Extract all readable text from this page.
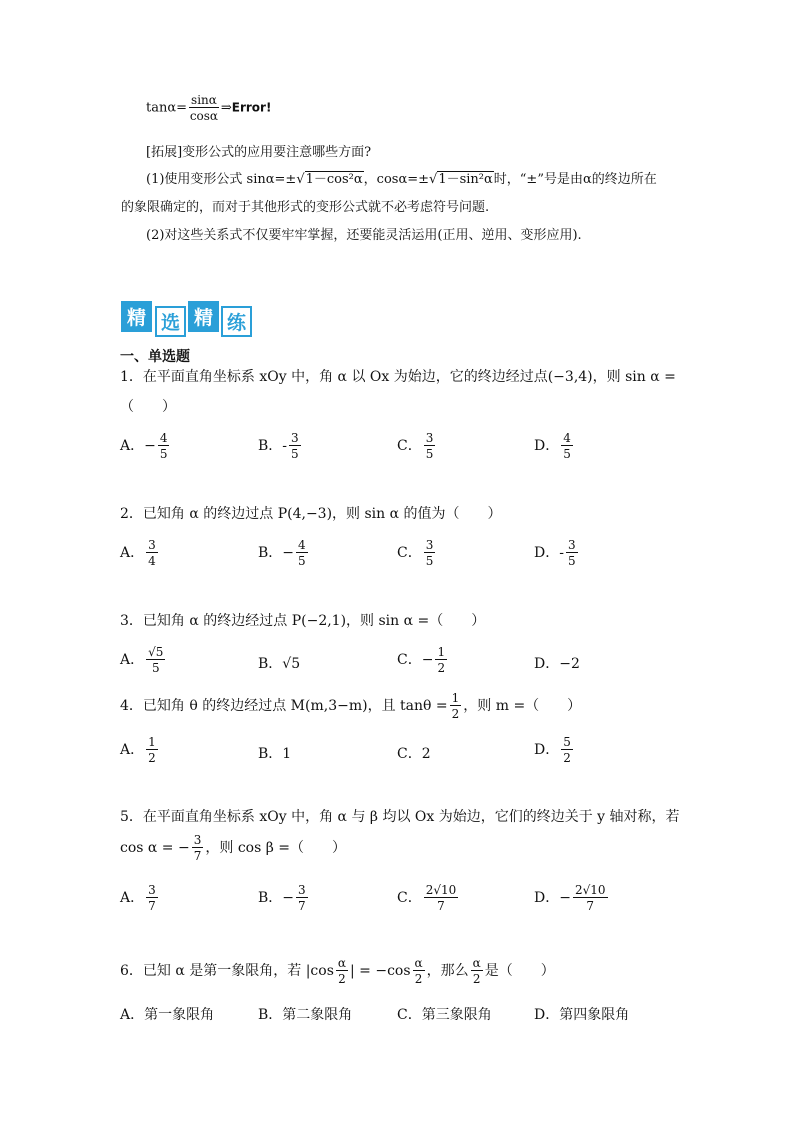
$\tan\alpha= \frac{\sin\alpha}{\cos\alpha}$ ⇒Error!
[拓展]变形公式的应用要注意哪些方面?
(1)使用变形公式 sinα=±√1－cos²α，cosα=±√1－sin²α时，“±”号是由α的终边所在
的象限确定的，而对于其他形式的变形公式就不必考虑符号问题.
(2)对这些关系式不仅要牢牢掌握，还要能灵活运用(正用、逆用、变形应用).
精 选 精 练
一、单选题
1．在平面直角坐标系 xOy 中，角 α 以 Ox 为始边，它的终边经过点(−3,4)，则 sin α =
（　　）
A．− $\frac{4}{5}$	B．- $\frac{3}{5}$	C． $\frac{3}{5}$	D． $\frac{4}{5}$
2．已知角 α 的终边过点 P(4,−3)，则 sin α 的值为（　　）
A． $\frac{3}{4}$	B．− $\frac{4}{5}$	C． $\frac{3}{5}$	D．- $\frac{3}{5}$
3．已知角 α 的终边经过点 P(−2,1)，则 sin α =（　　）
A． $\frac{√5}{5}$	B．√5	C．− $\frac{1}{2}$	D．−2
4．已知角 θ 的终边经过点 M(m,3−m)，且 $\tan\theta = \frac{1}{2}$ ，则 m =（　　）
A． $\frac{1}{2}$	B．1	C．2	D． $\frac{5}{2}$
5．在平面直角坐标系 xOy 中，角 α 与 β 均以 Ox 为始边，它们的终边关于 y 轴对称，若
cos α = − $\frac{3}{7}$ ，则 cos β =（　　）
A． $\frac{3}{7}$	B．− $\frac{3}{7}$	C． $\frac{2√10}{7}$	D．− $\frac{2√10}{7}$
6．已知 α 是第一象限角，若 $|\cos \frac{\alpha}{2}$ | = $-\cos \frac{\alpha}{2}$ ，那么 $\frac{\alpha}{2}$ 是（　　）
A．第一象限角	B．第二象限角	C．第三象限角	D．第四象限角
